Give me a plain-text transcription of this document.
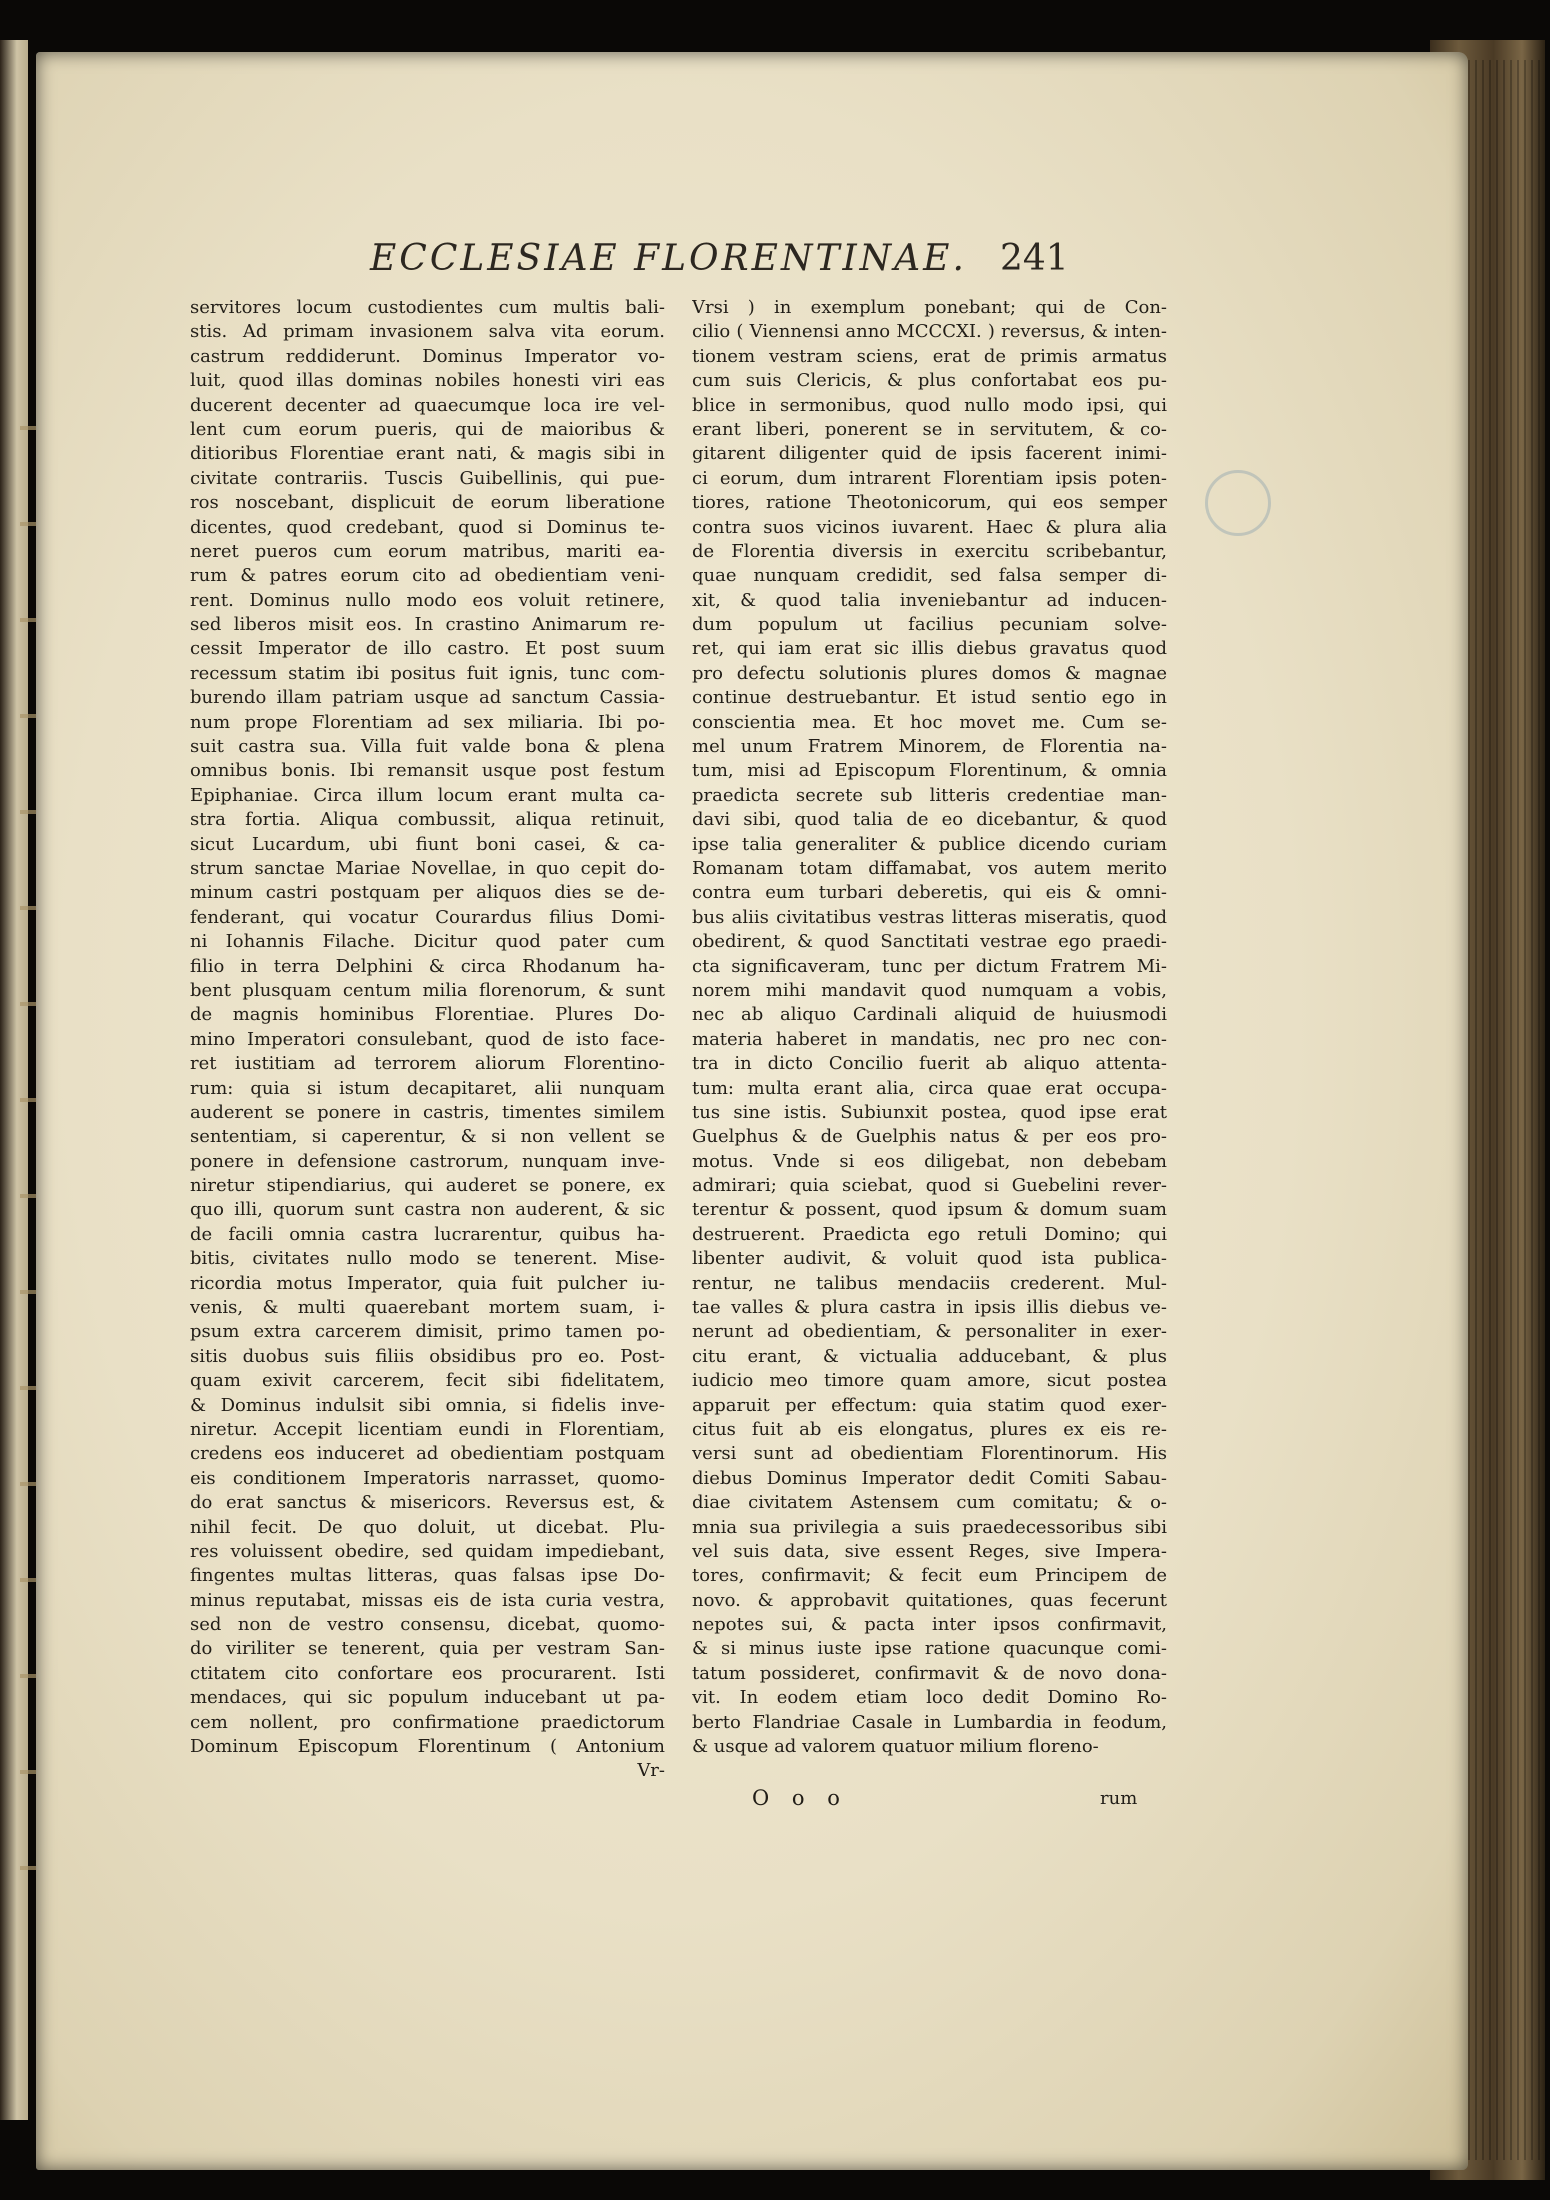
ECCLESIAE FLORENTINAE. 241
servitores locum custodientes cum multis bali-
stis. Ad primam invasionem salva vita eorum.
castrum reddiderunt. Dominus Imperator vo-
luit, quod illas dominas nobiles honesti viri eas
ducerent decenter ad quaecumque loca ire vel-
lent cum eorum pueris, qui de maioribus &
ditioribus Florentiae erant nati, & magis sibi in
civitate contrariis. Tuscis Guibellinis, qui pue-
ros noscebant, displicuit de eorum liberatione
dicentes, quod credebant, quod si Dominus te-
neret pueros cum eorum matribus, mariti ea-
rum & patres eorum cito ad obedientiam veni-
rent. Dominus nullo modo eos voluit retinere,
sed liberos misit eos. In crastino Animarum re-
cessit Imperator de illo castro. Et post suum
recessum statim ibi positus fuit ignis, tunc com-
burendo illam patriam usque ad sanctum Cassia-
num prope Florentiam ad sex miliaria. Ibi po-
suit castra sua. Villa fuit valde bona & plena
omnibus bonis. Ibi remansit usque post festum
Epiphaniae. Circa illum locum erant multa ca-
stra fortia. Aliqua combussit, aliqua retinuit,
sicut Lucardum, ubi fiunt boni casei, & ca-
strum sanctae Mariae Novellae, in quo cepit do-
minum castri postquam per aliquos dies se de-
fenderant, qui vocatur Courardus filius Domi-
ni Iohannis Filache. Dicitur quod pater cum
filio in terra Delphini & circa Rhodanum ha-
bent plusquam centum milia florenorum, & sunt
de magnis hominibus Florentiae. Plures Do-
mino Imperatori consulebant, quod de isto face-
ret iustitiam ad terrorem aliorum Florentino-
rum: quia si istum decapitaret, alii nunquam
auderent se ponere in castris, timentes similem
sententiam, si caperentur, & si non vellent se
ponere in defensione castrorum, nunquam inve-
niretur stipendiarius, qui auderet se ponere, ex
quo illi, quorum sunt castra non auderent, & sic
de facili omnia castra lucrarentur, quibus ha-
bitis, civitates nullo modo se tenerent. Mise-
ricordia motus Imperator, quia fuit pulcher iu-
venis, & multi quaerebant mortem suam, i-
psum extra carcerem dimisit, primo tamen po-
sitis duobus suis filiis obsidibus pro eo. Post-
quam exivit carcerem, fecit sibi fidelitatem,
& Dominus indulsit sibi omnia, si fidelis inve-
niretur. Accepit licentiam eundi in Florentiam,
credens eos induceret ad obedientiam postquam
eis conditionem Imperatoris narrasset, quomo-
do erat sanctus & misericors. Reversus est, &
nihil fecit. De quo doluit, ut dicebat. Plu-
res voluissent obedire, sed quidam impediebant,
fingentes multas litteras, quas falsas ipse Do-
minus reputabat, missas eis de ista curia vestra,
sed non de vestro consensu, dicebat, quomo-
do viriliter se tenerent, quia per vestram San-
ctitatem cito confortare eos procurarent. Isti
mendaces, qui sic populum inducebant ut pa-
cem nollent, pro confirmatione praedictorum
Dominum Episcopum Florentinum ( Antonium
Vr-
Vrsi ) in exemplum ponebant; qui de Con-
cilio ( Viennensi anno MCCCXI. ) reversus, & inten-
tionem vestram sciens, erat de primis armatus
cum suis Clericis, & plus confortabat eos pu-
blice in sermonibus, quod nullo modo ipsi, qui
erant liberi, ponerent se in servitutem, & co-
gitarent diligenter quid de ipsis facerent inimi-
ci eorum, dum intrarent Florentiam ipsis poten-
tiores, ratione Theotonicorum, qui eos semper
contra suos vicinos iuvarent. Haec & plura alia
de Florentia diversis in exercitu scribebantur,
quae nunquam credidit, sed falsa semper di-
xit, & quod talia inveniebantur ad inducen-
dum populum ut facilius pecuniam solve-
ret, qui iam erat sic illis diebus gravatus quod
pro defectu solutionis plures domos & magnae
continue destruebantur. Et istud sentio ego in
conscientia mea. Et hoc movet me. Cum se-
mel unum Fratrem Minorem, de Florentia na-
tum, misi ad Episcopum Florentinum, & omnia
praedicta secrete sub litteris credentiae man-
davi sibi, quod talia de eo dicebantur, & quod
ipse talia generaliter & publice dicendo curiam
Romanam totam diffamabat, vos autem merito
contra eum turbari deberetis, qui eis & omni-
bus aliis civitatibus vestras litteras miseratis, quod
obedirent, & quod Sanctitati vestrae ego praedi-
cta significaveram, tunc per dictum Fratrem Mi-
norem mihi mandavit quod numquam a vobis,
nec ab aliquo Cardinali aliquid de huiusmodi
materia haberet in mandatis, nec pro nec con-
tra in dicto Concilio fuerit ab aliquo attenta-
tum: multa erant alia, circa quae erat occupa-
tus sine istis. Subiunxit postea, quod ipse erat
Guelphus & de Guelphis natus & per eos pro-
motus. Vnde si eos diligebat, non debebam
admirari; quia sciebat, quod si Guebelini rever-
terentur & possent, quod ipsum & domum suam
destruerent. Praedicta ego retuli Domino; qui
libenter audivit, & voluit quod ista publica-
rentur, ne talibus mendaciis crederent. Mul-
tae valles & plura castra in ipsis illis diebus ve-
nerunt ad obedientiam, & personaliter in exer-
citu erant, & victualia adducebant, & plus
iudicio meo timore quam amore, sicut postea
apparuit per effectum: quia statim quod exer-
citus fuit ab eis elongatus, plures ex eis re-
versi sunt ad obedientiam Florentinorum. His
diebus Dominus Imperator dedit Comiti Sabau-
diae civitatem Astensem cum comitatu; & o-
mnia sua privilegia a suis praedecessoribus sibi
vel suis data, sive essent Reges, sive Impera-
tores, confirmavit; & fecit eum Principem de
novo. & approbavit quitationes, quas fecerunt
nepotes sui, & pacta inter ipsos confirmavit,
& si minus iuste ipse ratione quacunque comi-
tatum possideret, confirmavit & de novo dona-
vit. In eodem etiam loco dedit Domino Ro-
berto Flandriae Casale in Lumbardia in feodum,
& usque ad valorem quatuor milium floreno-
O o o	rum
